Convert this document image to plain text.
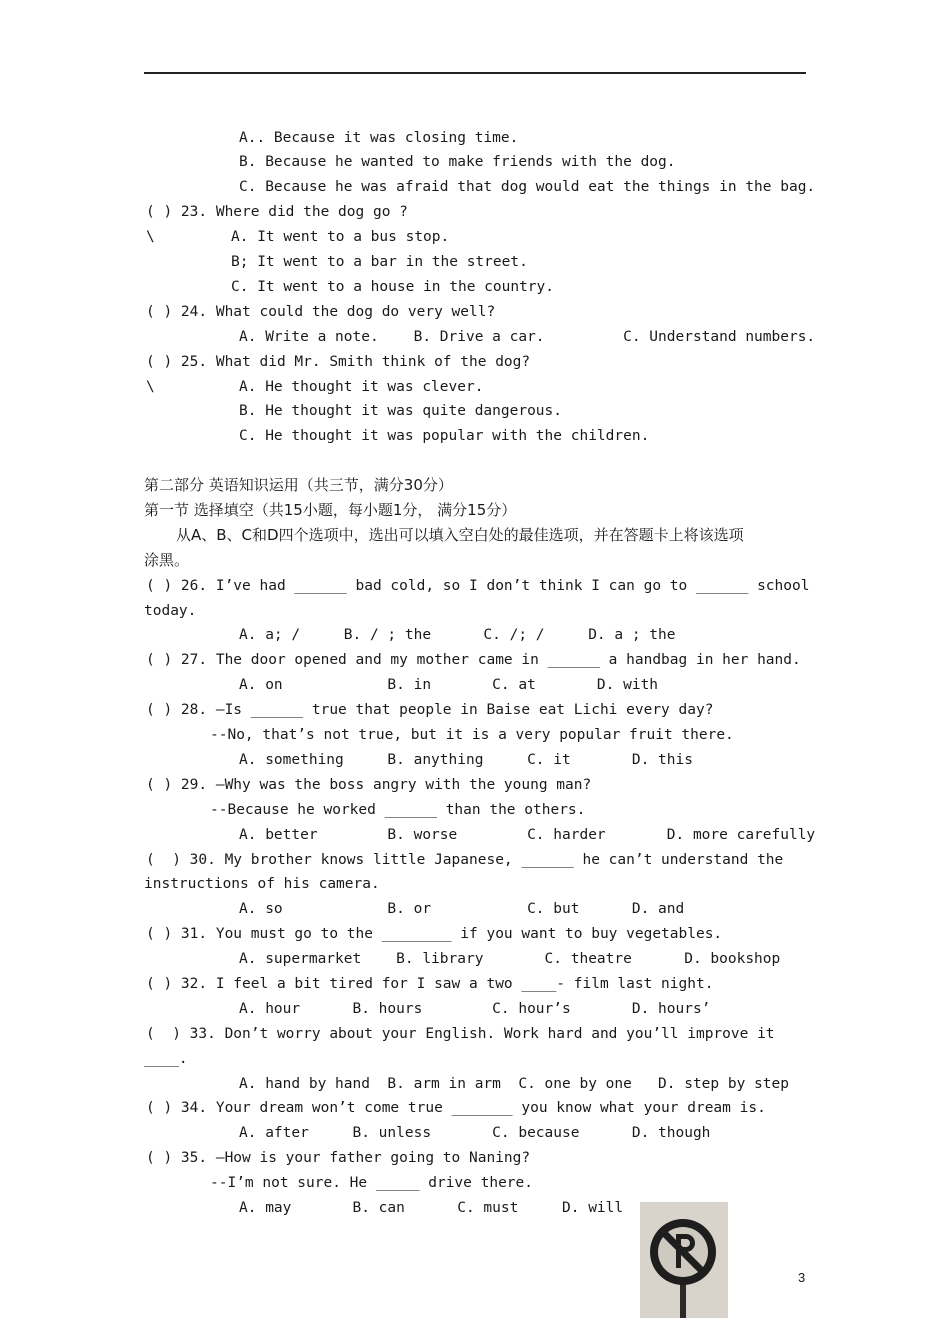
A.. Because it was closing time.
B. Because he wanted to make friends with the dog.
C. Because he was afraid that dog would eat the things in the bag.
( ) 23. Where did the dog go ?
\	A. It went to a bus stop.
B; It went to a bar in the street.
C. It went to a house in the country.
( ) 24. What could the dog do very well?
A. Write a note.    B. Drive a car.         C. Understand numbers.
( ) 25. What did Mr. Smith think of the dog?
\	A. He thought it was clever.
B. He thought it was quite dangerous.
C. He thought it was popular with the children.
第二部分 英语知识运用（共三节，满分30分）
第一节 选择填空（共15小题，每小题1分， 满分15分）
从A、B、C和D四个选项中，选出可以填入空白处的最佳选项，并在答题卡上将该选项
涂黑。
( ) 26. I’ve had ______ bad cold, so I don’t think I can go to ______ school
today.
A. a; /     B. / ; the      C. /; /     D. a ; the
( ) 27. The door opened and my mother came in ______ a handbag in her hand.
A. on            B. in       C. at       D. with
( ) 28. –Is ______ true that people in Baise eat Lichi every day?
--No, that’s not true, but it is a very popular fruit there.
A. something     B. anything     C. it       D. this
( ) 29. –Why was the boss angry with the young man?
--Because he worked ______ than the others.
A. better        B. worse        C. harder       D. more carefully
(  ) 30. My brother knows little Japanese, ______ he can’t understand the
instructions of his camera.
A. so            B. or           C. but      D. and
( ) 31. You must go to the ________ if you want to buy vegetables.
A. supermarket    B. library       C. theatre      D. bookshop
( ) 32. I feel a bit tired for I saw a two ____- film last night.
A. hour      B. hours        C. hour’s       D. hours’
(  ) 33. Don’t worry about your English. Work hard and you’ll improve it
____.
A. hand by hand  B. arm in arm  C. one by one   D. step by step
( ) 34. Your dream won’t come true _______ you know what your dream is.
A. after     B. unless       C. because      D. though
( ) 35. –How is your father going to Naning?
--I’m not sure. He _____ drive there.
A. may       B. can      C. must     D. will
3
